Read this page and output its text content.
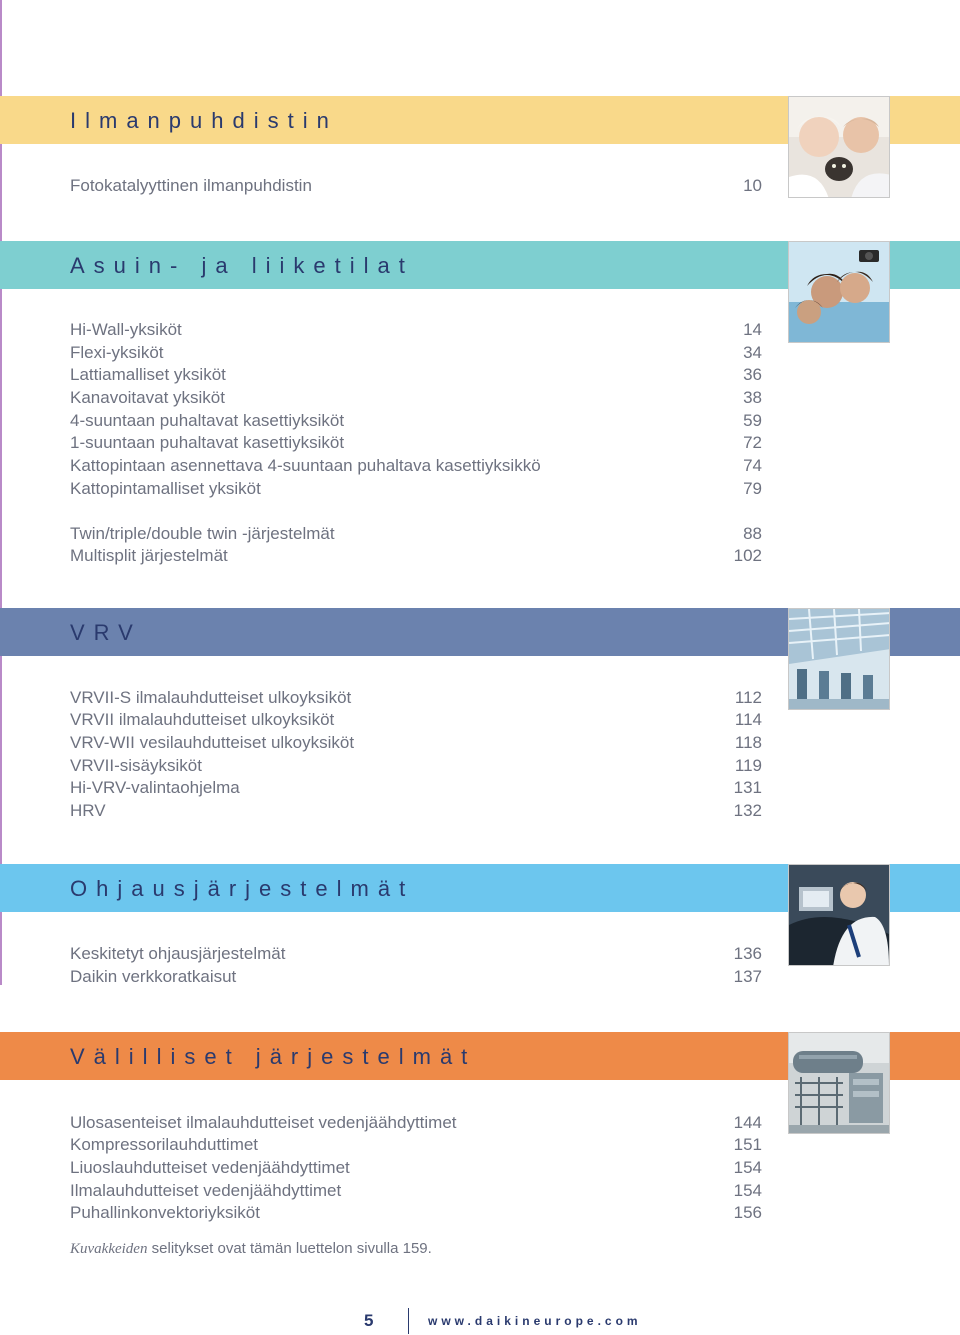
Ilmanpuhdistin
Fotokatalyyttinen ilmanpuhdistin	10
Asuin- ja liiketilat
Hi-Wall-yksiköt	14
Flexi-yksiköt	34
Lattiamalliset yksiköt	36
Kanavoitavat yksiköt	38
4-suuntaan puhaltavat kasettiyksiköt	59
1-suuntaan puhaltavat kasettiyksiköt	72
Kattopintaan asennettava 4-suuntaan puhaltava kasettiyksikkö	74
Kattopintamalliset yksiköt	79
Twin/triple/double twin -järjestelmät	88
Multisplit järjestelmät	102
VRV
VRVII-S ilmalauhdutteiset ulkoyksiköt	112
VRVII ilmalauhdutteiset ulkoyksiköt	114
VRV-WII vesilauhdutteiset ulkoyksiköt	118
VRVII-sisäyksiköt	119
Hi-VRV-valintaohjelma	131
HRV	132
Ohjausjärjestelmät
Keskitetyt ohjausjärjestelmät	136
Daikin verkkoratkaisut	137
Välilliset järjestelmät
Ulosasenteiset ilmalauhdutteiset vedenjäähdyttimet	144
Kompressorilauhduttimet	151
Liuoslauhdutteiset vedenjäähdyttimet	154
Ilmalauhdutteiset vedenjäähdyttimet	154
Puhallinkonvektoriyksiköt	156
Kuvakkeiden selitykset ovat tämän luettelon sivulla 159.
5	www.daikineurope.com
